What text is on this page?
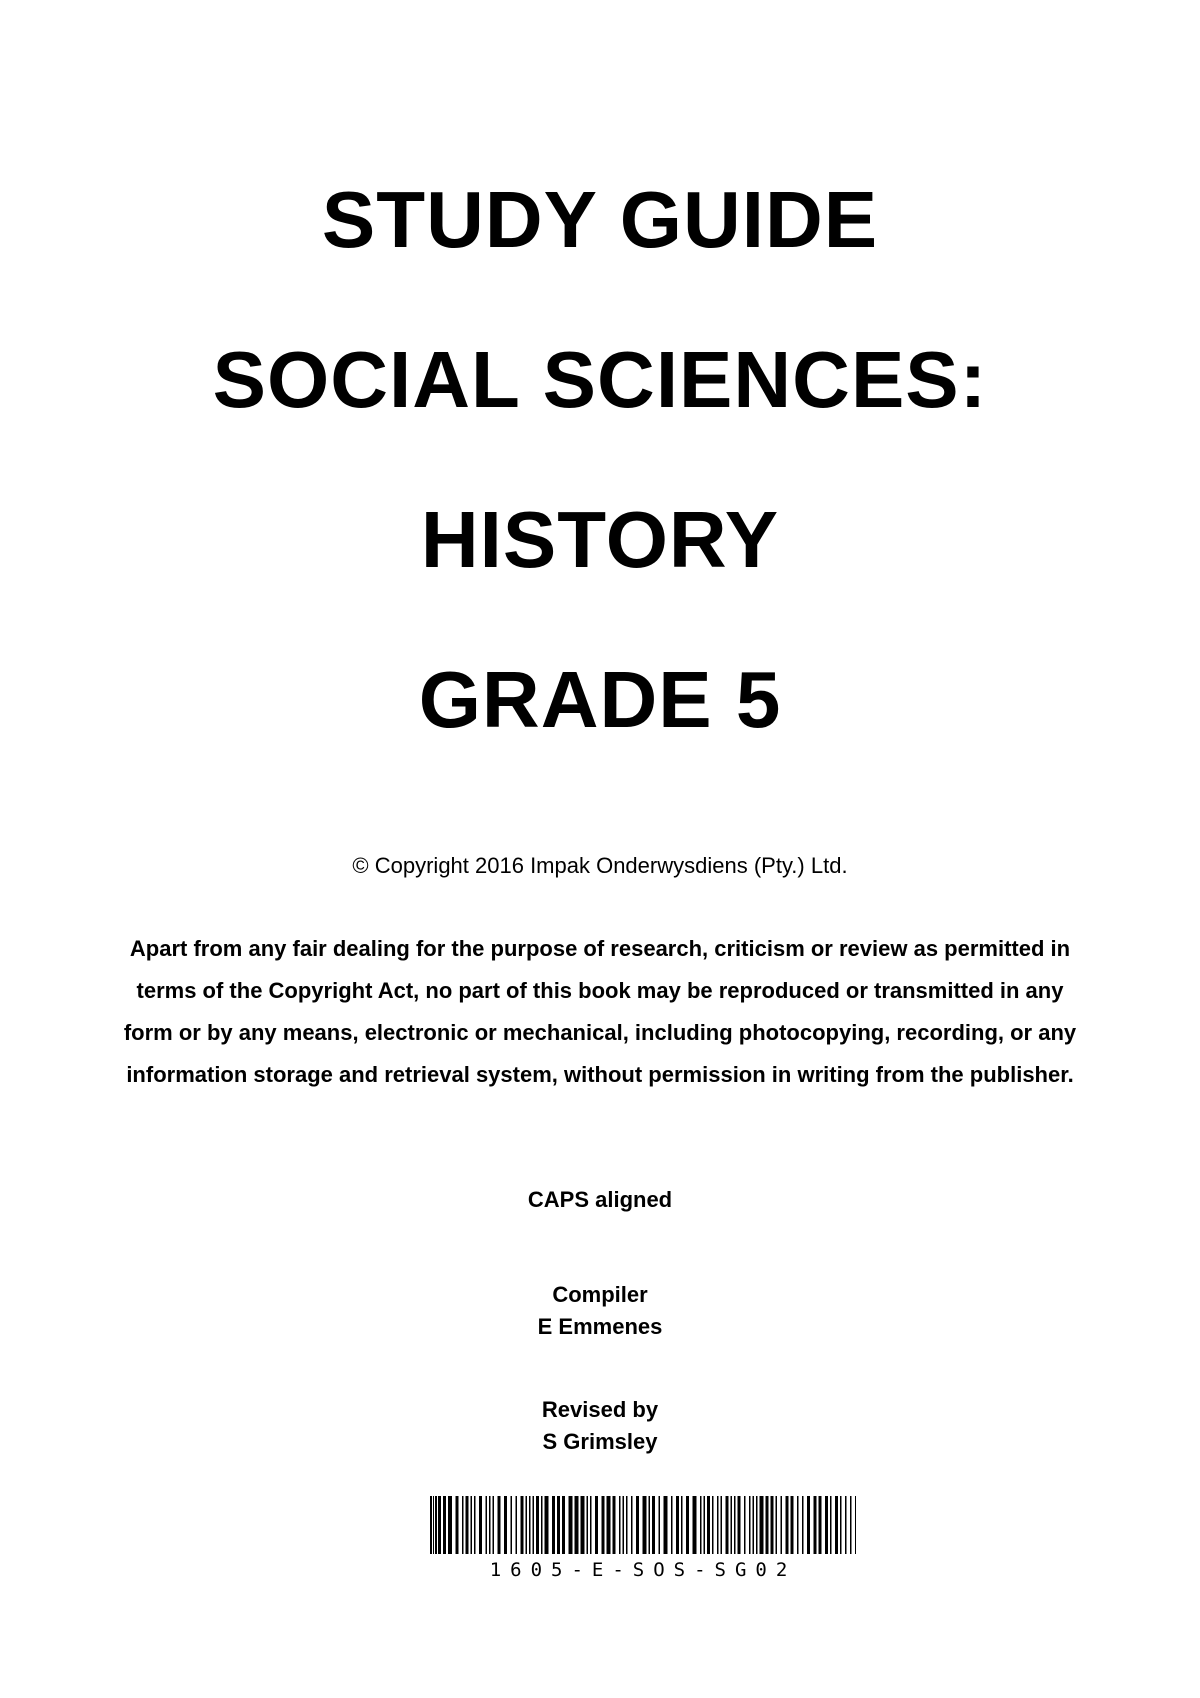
STUDY GUIDE
SOCIAL SCIENCES:
HISTORY
GRADE 5
© Copyright 2016 Impak Onderwysdiens (Pty.) Ltd.
Apart from any fair dealing for the purpose of research, criticism or review as permitted in terms of the Copyright Act, no part of this book may be reproduced or transmitted in any form or by any means, electronic or mechanical, including photocopying, recording, or any information storage and retrieval system, without permission in writing from the publisher.
CAPS aligned
Compiler
E Emmenes
Revised by
S Grimsley
1605-E-SOS-SG02
